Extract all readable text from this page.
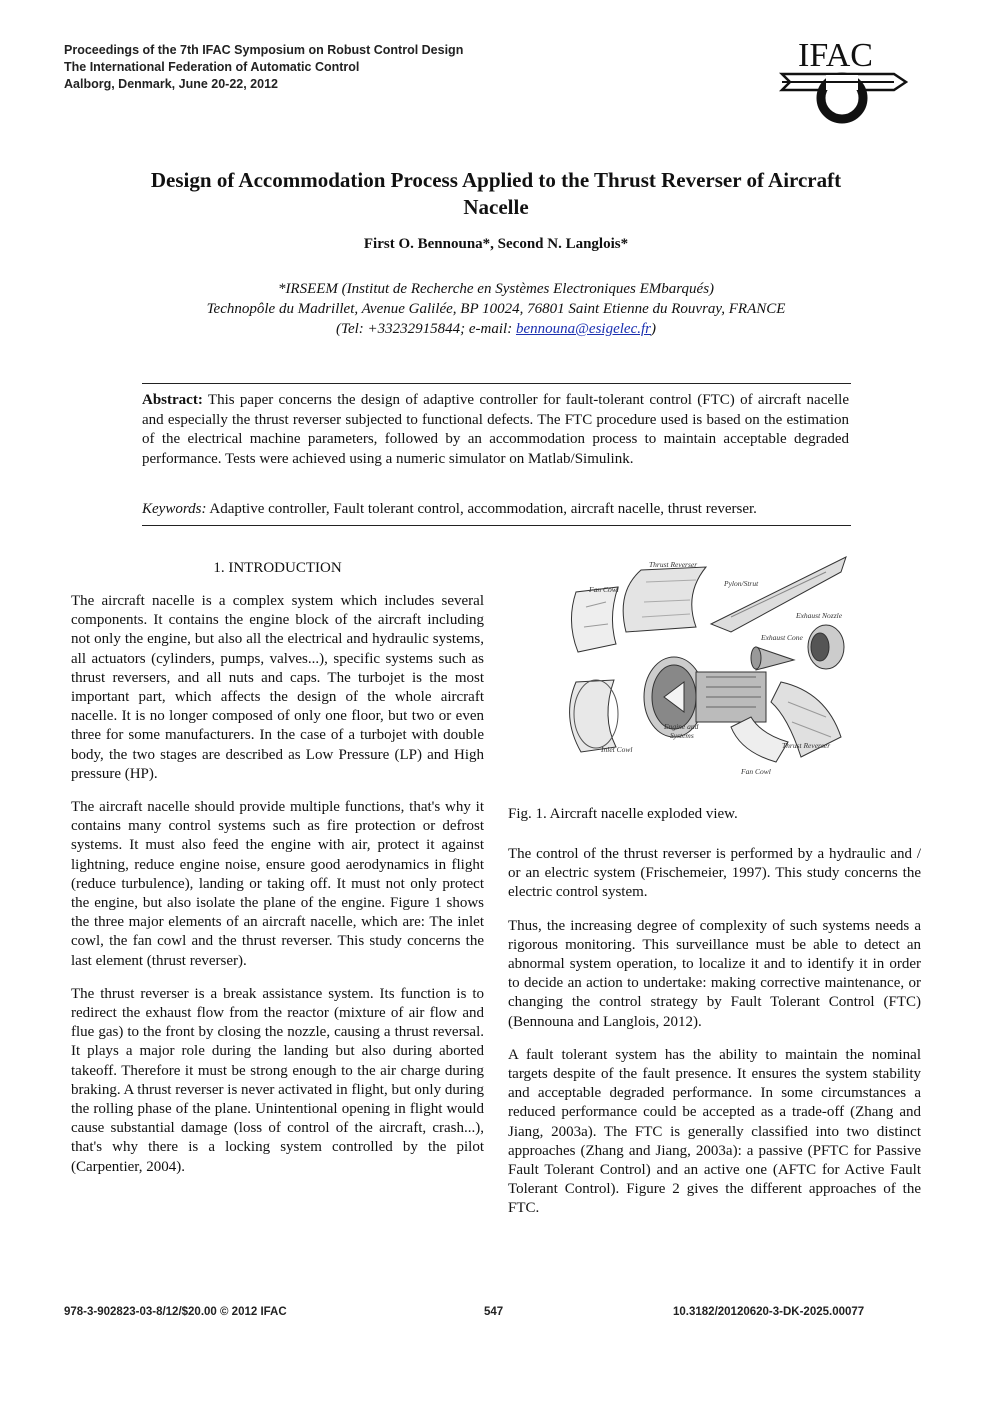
Proceedings of the 7th IFAC Symposium on Robust Control Design
The International Federation of Automatic Control
Aalborg, Denmark, June 20-22, 2012
IFAC
Design of Accommodation Process Applied to the Thrust Reverser of Aircraft
Nacelle
First O. Bennouna*, Second N. Langlois*
*IRSEEM (Institut de Recherche en Systèmes Electroniques EMbarqués)
Technopôle du Madrillet, Avenue Galilée, BP 10024, 76801 Saint Etienne du Rouvray, FRANCE
(Tel: +33232915844; e-mail: bennouna@esigelec.fr)
Abstract: This paper concerns the design of adaptive controller for fault-tolerant control (FTC) of aircraft nacelle and especially the thrust reverser subjected to functional defects. The FTC procedure used is based on the estimation of the electrical machine parameters, followed by an accommodation process to maintain acceptable degraded performance. Tests were achieved using a numeric simulator on Matlab/Simulink.
Keywords: Adaptive controller, Fault tolerant control, accommodation, aircraft nacelle, thrust reverser.
1. INTRODUCTION

The aircraft nacelle is a complex system which includes several components. It contains the engine block of the aircraft including not only the engine, but also all the electrical and hydraulic systems, all actuators (cylinders, pumps, valves...), specific systems such as thrust reversers, and all nuts and caps. The turbojet is the most important part, which affects the design of the whole aircraft nacelle. It is no longer composed of only one floor, but two or even three for some manufacturers. In the case of a turbojet with double body, the two stages are described as Low Pressure (LP) and High pressure (HP).

The aircraft nacelle should provide multiple functions, that's why it contains many control systems such as fire protection or defrost systems. It must also feed the engine with air, protect it against lightning, reduce engine noise, ensure good aerodynamics in flight (reduce turbulence), landing or taking off. It must not only protect the engine, but also isolate the plane of the engine. Figure 1 shows the three major elements of an aircraft nacelle, which are: The inlet cowl, the fan cowl and the thrust reverser. This study concerns the last element (thrust reverser).

The thrust reverser is a break assistance system. Its function is to redirect the exhaust flow from the reactor (mixture of air flow and flue gas) to the front by closing the nozzle, causing a thrust reversal. It plays a major role during the landing but also during aborted takeoff. Therefore it must be strong enough to the air charge during braking. A thrust reverser is never activated in flight, but only during the rolling phase of the plane. Unintentional opening in flight would cause substantial damage (loss of control of the aircraft, crash...), that's why there is a locking system controlled by the pilot (Carpentier, 2004).

Thrust Reverser
Fan Cowl
Pylon/Strut
Exhaust Nozzle
Exhaust Cone
Engine and
Systems
Inlet Cowl	Thrust Reverser
Fan Cowl
Fig. 1. Aircraft nacelle exploded view.

The control of the thrust reverser is performed by a hydraulic and / or an electric system (Frischemeier, 1997). This study concerns the electric control system.

Thus, the increasing degree of complexity of such systems needs a rigorous monitoring. This surveillance must be able to detect an abnormal system operation, to localize it and to identify it in order to decide an action to undertake: making corrective maintenance, or changing the control strategy by Fault Tolerant Control (FTC) (Bennouna and Langlois, 2012).

A fault tolerant system has the ability to maintain the nominal targets despite of the fault presence. It ensures the system stability and acceptable degraded performance. In some circumstances a reduced performance could be accepted as a trade-off (Zhang and Jiang, 2003a). The FTC is generally classified into two distinct approaches (Zhang and Jiang, 2003a): a passive (PFTC for Passive Fault Tolerant Control) and an active one (AFTC for Active Fault Tolerant Control). Figure 2 gives the different approaches of the FTC.

978-3-902823-03-8/12/$20.00 © 2012 IFAC	547	10.3182/20120620-3-DK-2025.00077
